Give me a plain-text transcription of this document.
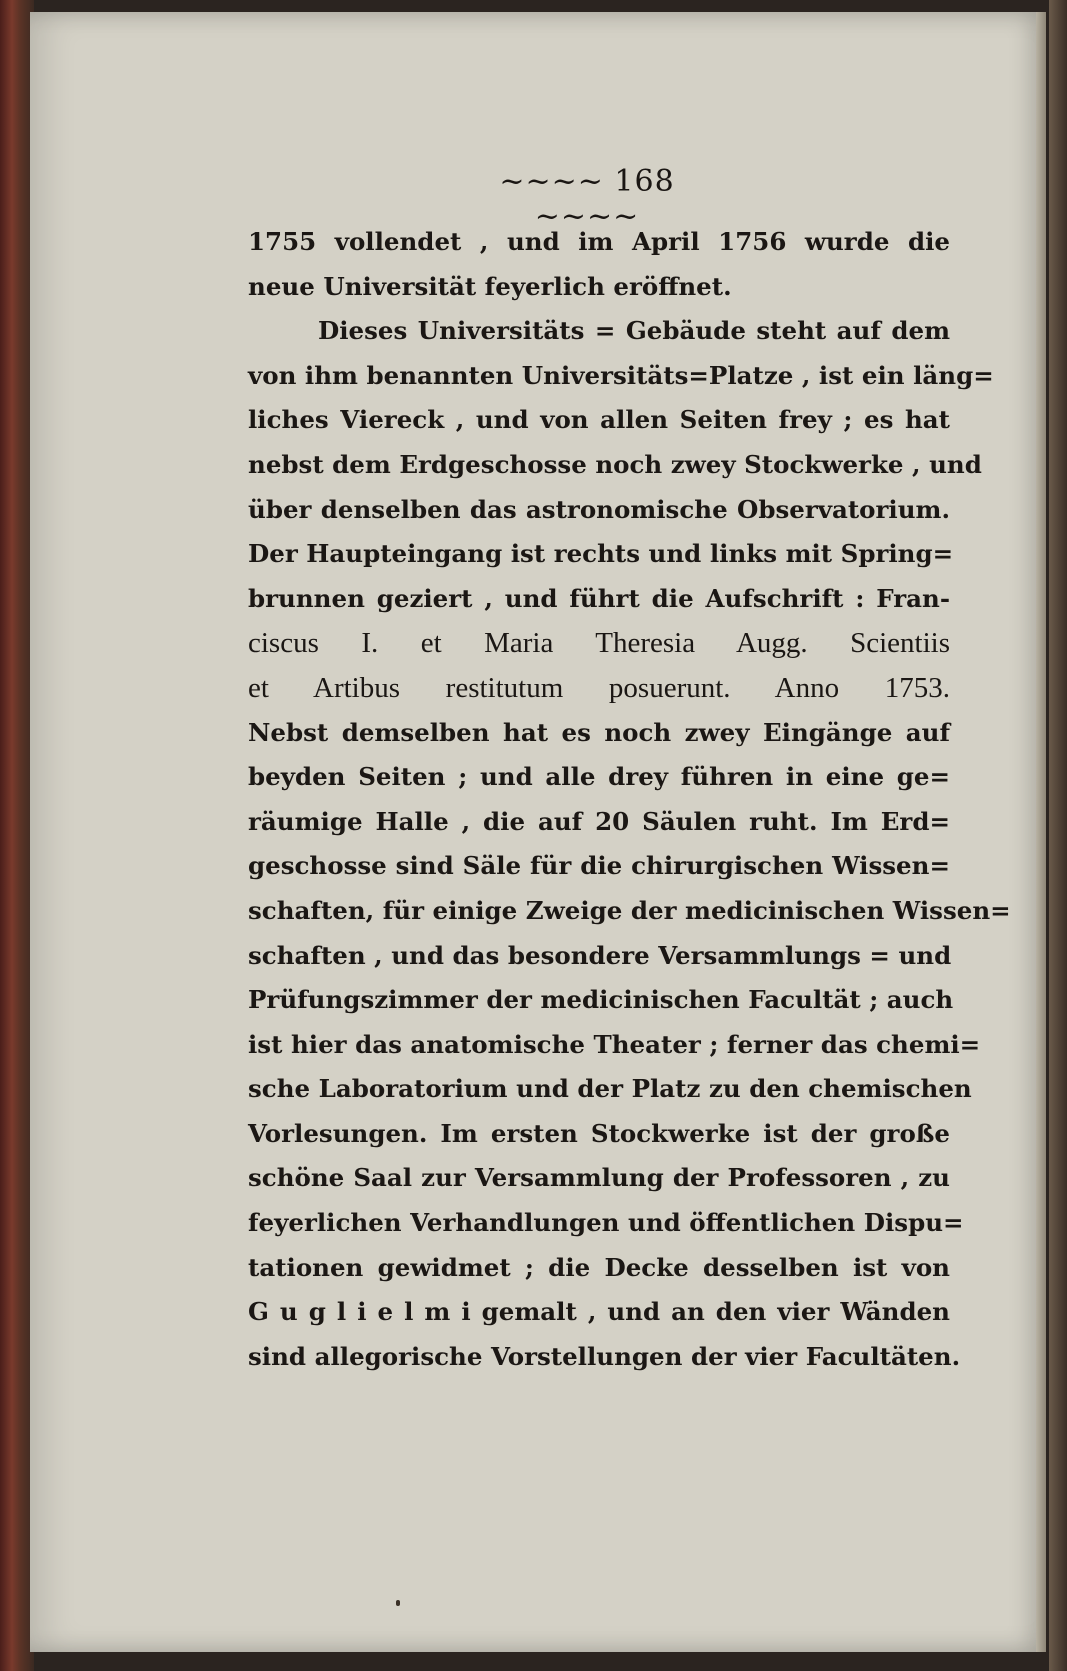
~~~~ 168 ~~~~
1755 vollendet , und im April 1756 wurde die
neue Universität feyerlich eröffnet.
Dieses Universitäts = Gebäude steht auf dem
von ihm benannten Universitäts=Platze , ist ein läng=
liches Viereck , und von allen Seiten frey ; es hat
nebst dem Erdgeschosse noch zwey Stockwerke , und
über denselben das astronomische Observatorium.
Der Haupteingang ist rechts und links mit Spring=
brunnen geziert , und führt die Aufschrift : Fran-
ciscus I. et Maria Theresia Augg. Scientiis
et Artibus restitutum posuerunt. Anno 1753.
Nebst demselben hat es noch zwey Eingänge auf
beyden Seiten ; und alle drey führen in eine ge=
räumige Halle , die auf 20 Säulen ruht. Im Erd=
geschosse sind Säle für die chirurgischen Wissen=
schaften, für einige Zweige der medicinischen Wissen=
schaften , und das besondere Versammlungs = und
Prüfungszimmer der medicinischen Facultät ; auch
ist hier das anatomische Theater ; ferner das chemi=
sche Laboratorium und der Platz zu den chemischen
Vorlesungen. Im ersten Stockwerke ist der große
schöne Saal zur Versammlung der Professoren , zu
feyerlichen Verhandlungen und öffentlichen Dispu=
tationen gewidmet ; die Decke desselben ist von
G u g l i e l m i gemalt , und an den vier Wänden
sind allegorische Vorstellungen der vier Facultäten.
